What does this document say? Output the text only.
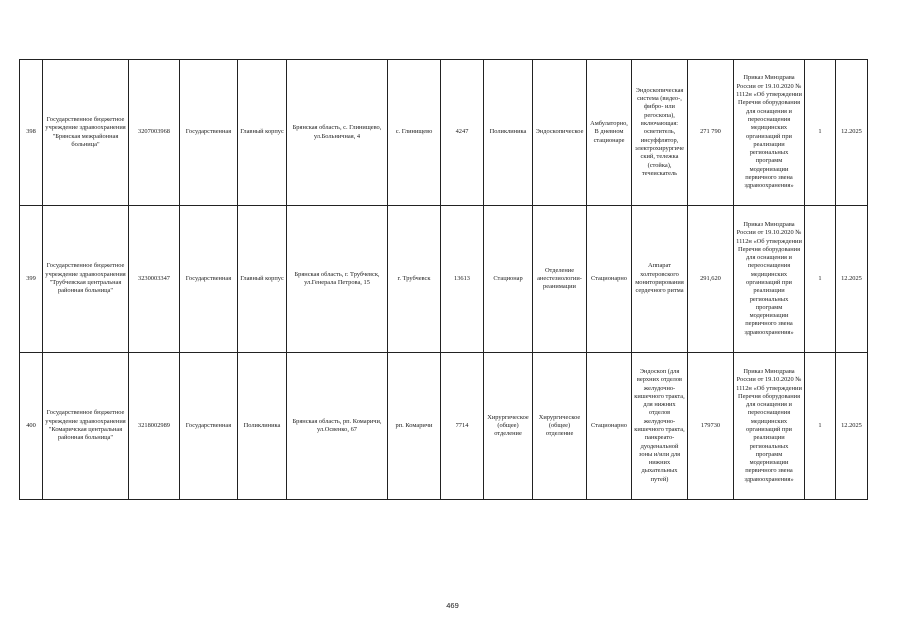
398	Государственное бюджетное учреждение здравоохранения "Брянская межрайонная больница"	3207003968	Государственная	Главный корпус	Брянская область, с. Глинищево, ул.Больничная, 4	с. Глинищево	4247	Поликлиника	Эндоскопическое	Амбулаторно, В дневном стационаре	Эндоскопическая система (видео-, фибро- или регоскопа), включающая: осветитель, инсуффлятор, электрохирургический, тележка (стойка), течеискатель	271 790	Приказ Минздрава России от 19.10.2020 № 1112н «Об утверждении Перечня оборудования для оснащения и переоснащения медицинских организаций при реализации региональных программ модернизации первичного звена здравоохранения»	1	12.2025
399	Государственное бюджетное учреждение здравоохранения "Трубчевская центральная районная больница"	3230003347	Государственная	Главный корпус	Брянская область, г. Трубчевск, ул.Генерала Петрова, 15	г. Трубчевск	13613	Стационар	Отделение анестезиологии-реанимации	Стационарно	Аппарат холтеровского мониторирования сердечного ритма	291,620	Приказ Минздрава России от 19.10.2020 № 1112н «Об утверждении Перечня оборудования для оснащения и переоснащения медицинских организаций при реализации региональных программ модернизации первичного звена здравоохранения»	1	12.2025
400	Государственное бюджетное учреждение здравоохранения "Комаричская центральная районная больница"	3218002989	Государственная	Поликлиника	Брянская область, рп. Комаричи, ул.Освенко, 67	рп. Комаричи	7714	Хирургическое (общее) отделение	Хирургическое (общее) отделение	Стационарно	Эндоскоп (для верхних отделов желудочно-кишечного тракта, для нижних отделов желудочно-кишечного тракта, панкреато-дуоденальной зоны и/или для нижних дыхательных путей)	179730	Приказ Минздрава России от 19.10.2020 № 1112н «Об утверждении Перечня оборудования для оснащения и переоснащения медицинских организаций при реализации региональных программ модернизации первичного звена здравоохранения»	1	12.2025
469
